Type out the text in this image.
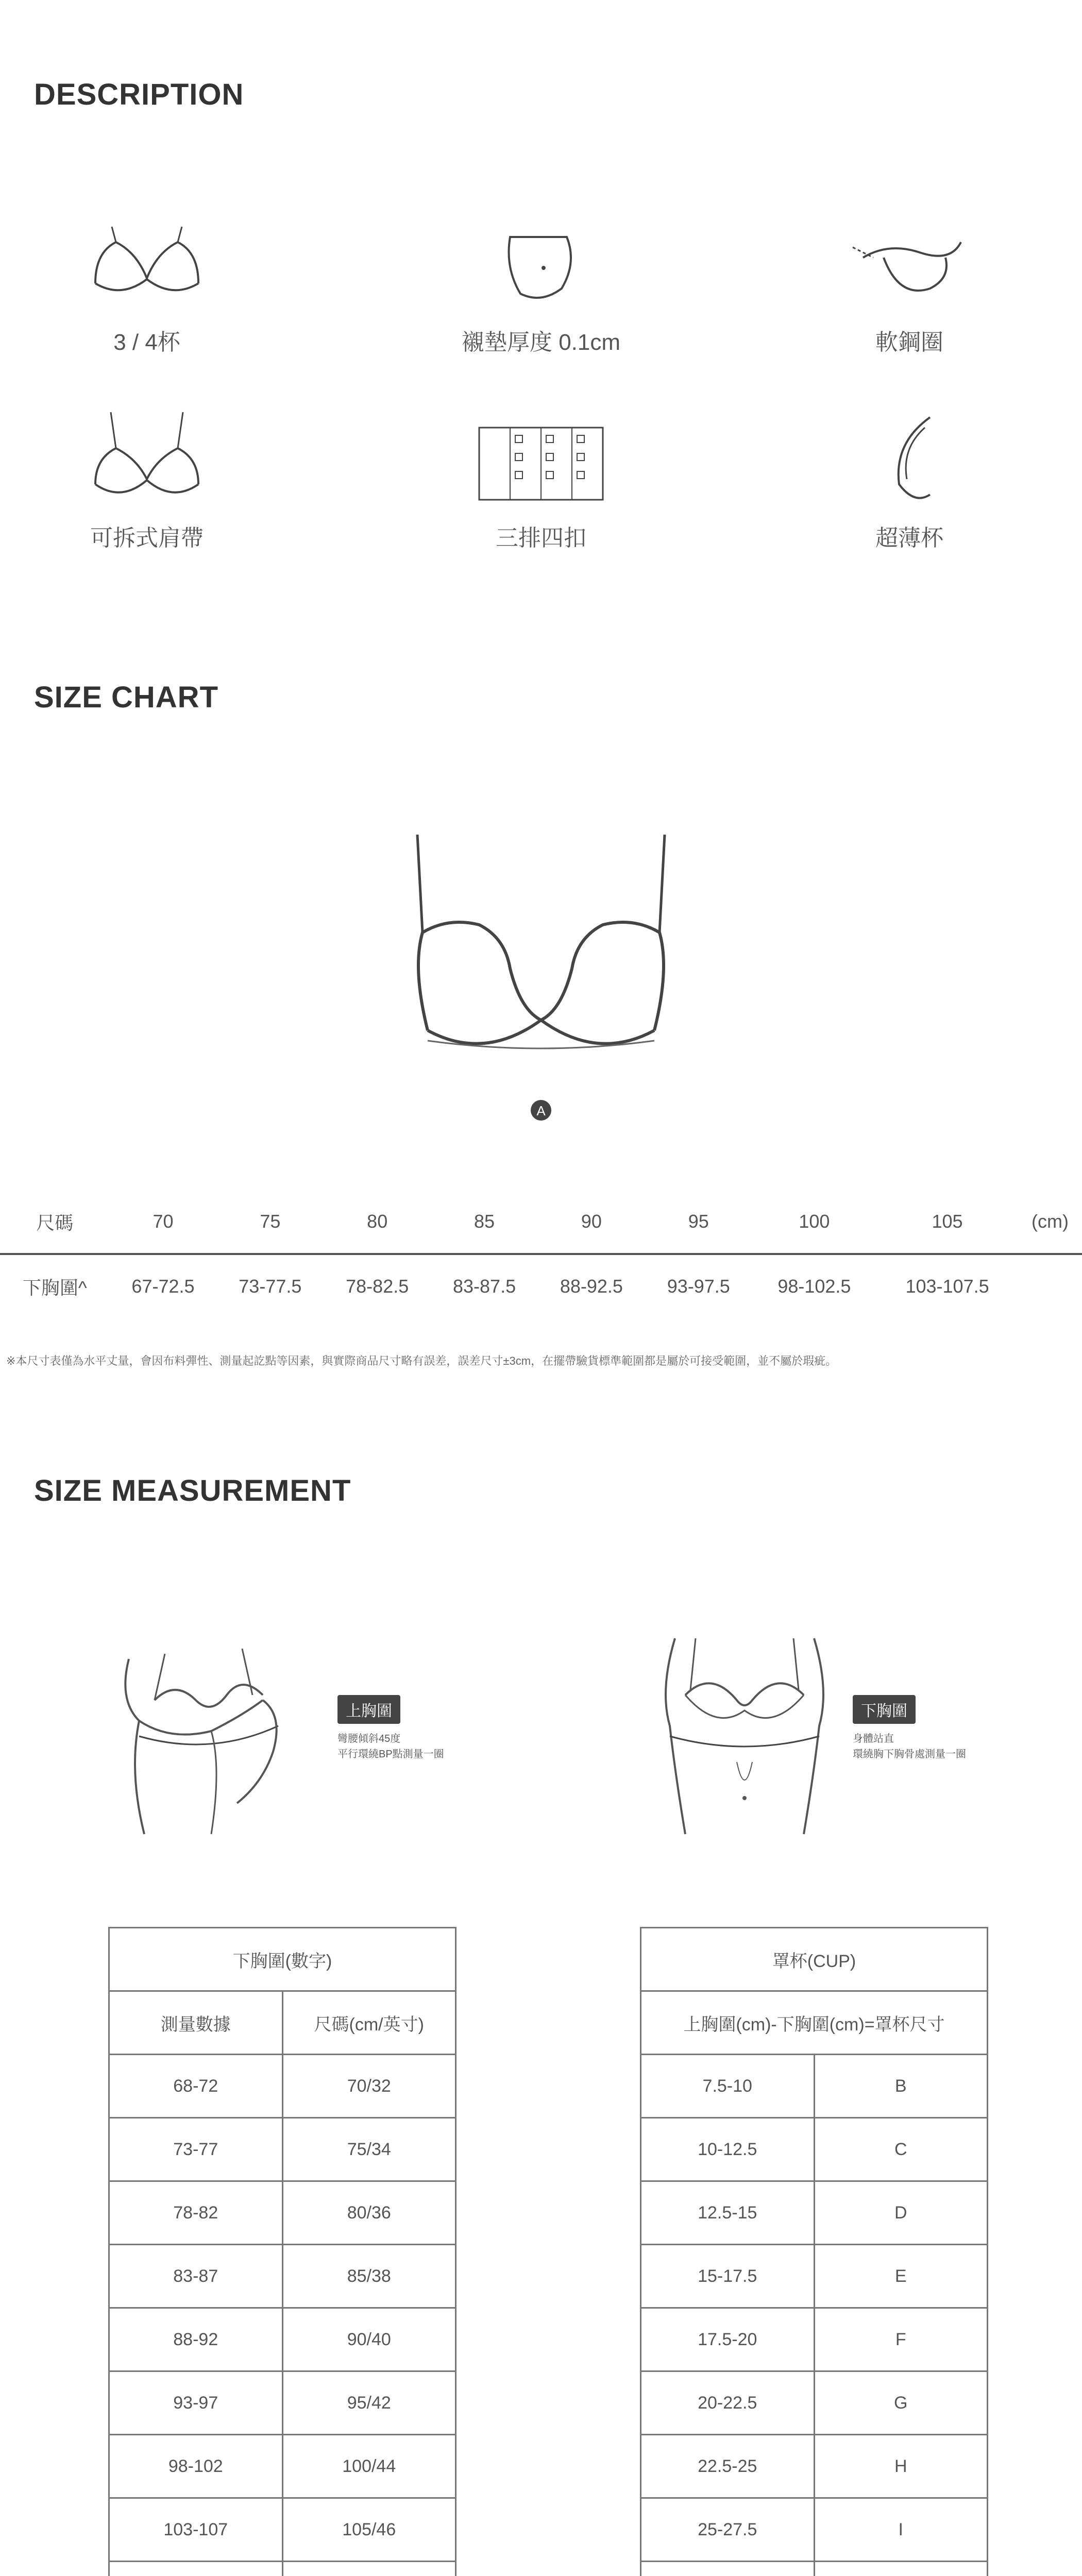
DESCRIPTION
3 / 4杯	襯墊厚度 0.1cm	軟鋼圈
可拆式肩帶	三排四扣	超薄杯
SIZE CHART
A
尺碼	70	75	80	85	90	95	100	105	(cm)
下胸圍^	67-72.5	73-77.5	78-82.5	83-87.5	88-92.5	93-97.5	98-102.5	103-107.5	
※本尺寸表僅為水平丈量，會因布料彈性、測量起訖點等因素，與實際商品尺寸略有誤差，誤差尺寸±3cm，在擺帶驗貨標準範圍都是屬於可接受範圍，並不屬於瑕疵。
SIZE MEASUREMENT
上胸圍
彎腰傾斜45度
平行環繞BP點測量一圈
下胸圍
身體站直
環繞胸下胸骨處測量一圈
下胸圍(數字)	
測量數據	尺碼(cm/英寸)
68-72	70/32
73-77	75/34
78-82	80/36
83-87	85/38
88-92	90/40
93-97	95/42
98-102	100/44
103-107	105/46

罩杯(CUP)	
上胸圍(cm)-下胸圍(cm)=罩杯尺寸	
7.5-10	B
10-12.5	C
12.5-15	D
15-17.5	E
17.5-20	F
20-22.5	G
22.5-25	H
25-27.5	I
